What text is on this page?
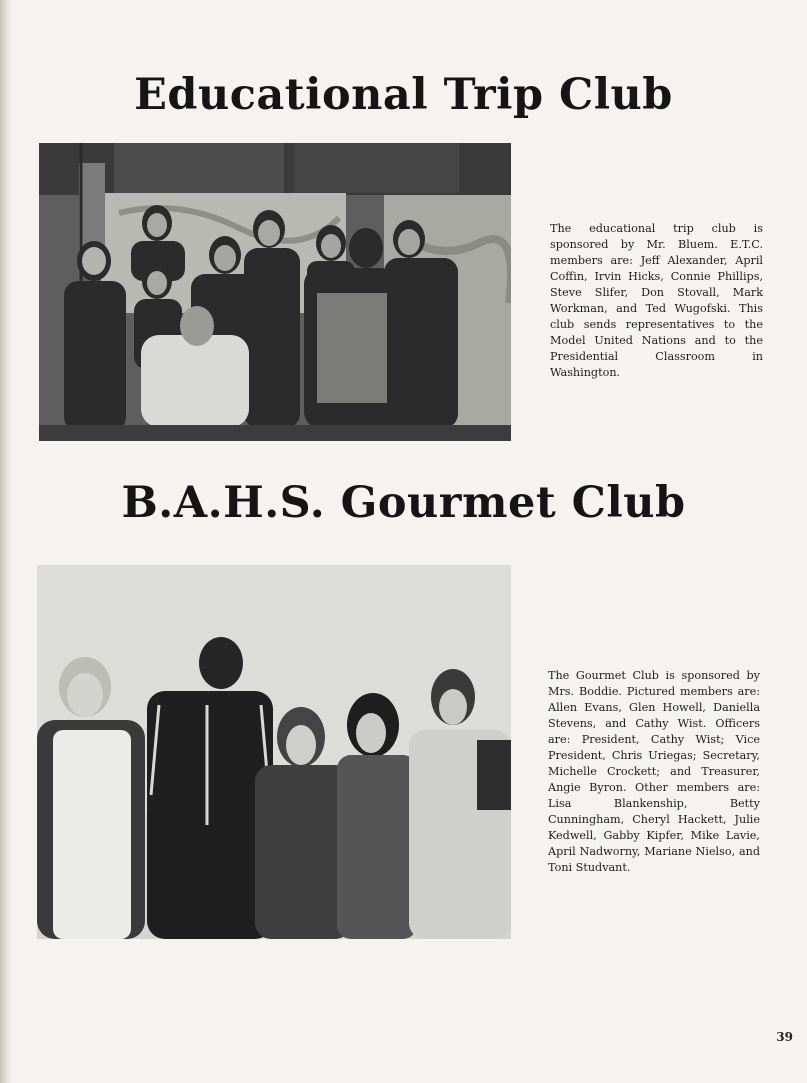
Educational Trip Club

The educational trip club is sponsored by Mr. Bluem. E.T.C. members are: Jeff Alexander, April Coffin, Irvin Hicks, Connie Phillips, Steve Slifer, Don Stovall, Mark Workman, and Ted Wugofski. This club sends representatives to the Model United Nations and to the Presidential Classroom in Washington.

B.A.H.S. Gourmet Club

The Gourmet Club is sponsored by Mrs. Boddie. Pictured members are: Allen Evans, Glen Howell, Daniella Stevens, and Cathy Wist. Officers are: President, Cathy Wist; Vice President, Chris Uriegas; Secretary, Michelle Crockett; and Treasurer, Angie Byron. Other members are: Lisa Blankenship, Betty Cunningham, Cheryl Hackett, Julie Kedwell, Gabby Kipfer, Mike Lavie, April Nadworny, Mariane Nielso, and Toni Studvant.

39
